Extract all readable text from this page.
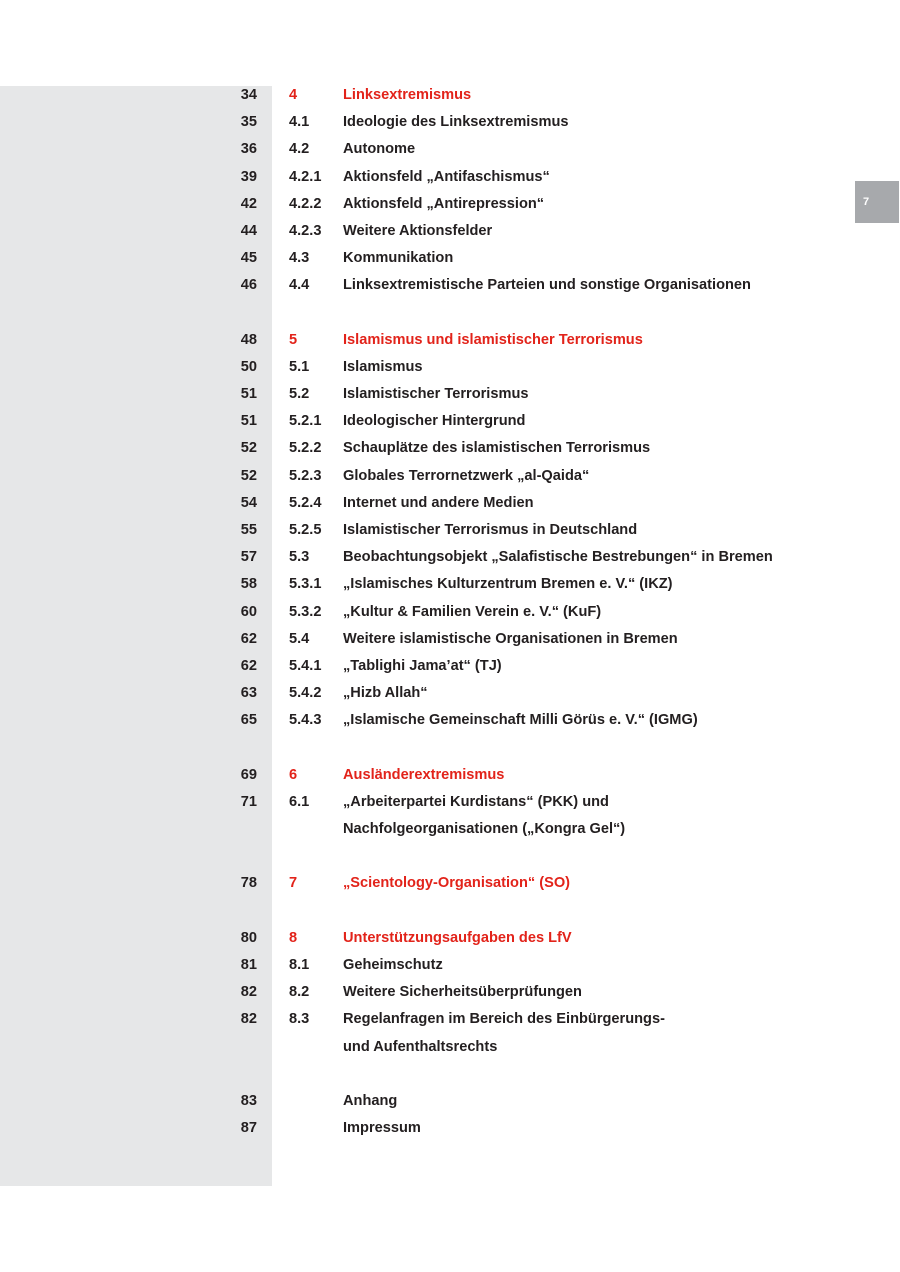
7
34 4	Linksextremismus
35 4.1 Ideologie des Linksextremismus
36 4.2 Autonome
39 4.2.1 Aktionsfeld „Antifaschismus“
42 4.2.2 Aktionsfeld „Antirepression“
44 4.2.3 Weitere Aktionsfelder
45 4.3 Kommunikation
46 4.4 Linksextremistische Parteien und sonstige Organisationen
48 5	Islamismus und islamistischer Terrorismus
50 5.1 Islamismus
51 5.2 Islamistischer Terrorismus
51 5.2.1 Ideologischer Hintergrund
52 5.2.2 Schauplätze des islamistischen Terrorismus
52 5.2.3 Globales Terrornetzwerk „al-Qaida“
54 5.2.4 Internet und andere Medien
55 5.2.5 Islamistischer Terrorismus in Deutschland
57 5.3 Beobachtungsobjekt „Salafistische Bestrebungen“ in Bremen
58 5.3.1 „Islamisches Kulturzentrum Bremen e. V.“ (IKZ)
60 5.3.2 „Kultur & Familien Verein e. V.“ (KuF)
62 5.4 Weitere islamistische Organisationen in Bremen
62 5.4.1 „Tablighi Jama’at“ (TJ)
63 5.4.2 „Hizb Allah“
65 5.4.3 „Islamische Gemeinschaft Milli Görüs e. V.“ (IGMG)
69 6	Ausländerextremismus
71 6.1 „Arbeiterpartei Kurdistans“ (PKK) und
Nachfolgeorganisationen („Kongra Gel“)
78 7	„Scientology-Organisation“ (SO)
80 8	Unterstützungsaufgaben des LfV
81 8.1 Geheimschutz
82 8.2 Weitere Sicherheitsüberprüfungen
82 8.3 Regelanfragen im Bereich des Einbürgerungs-
und Aufenthaltsrechts
83	Anhang
87	Impressum
